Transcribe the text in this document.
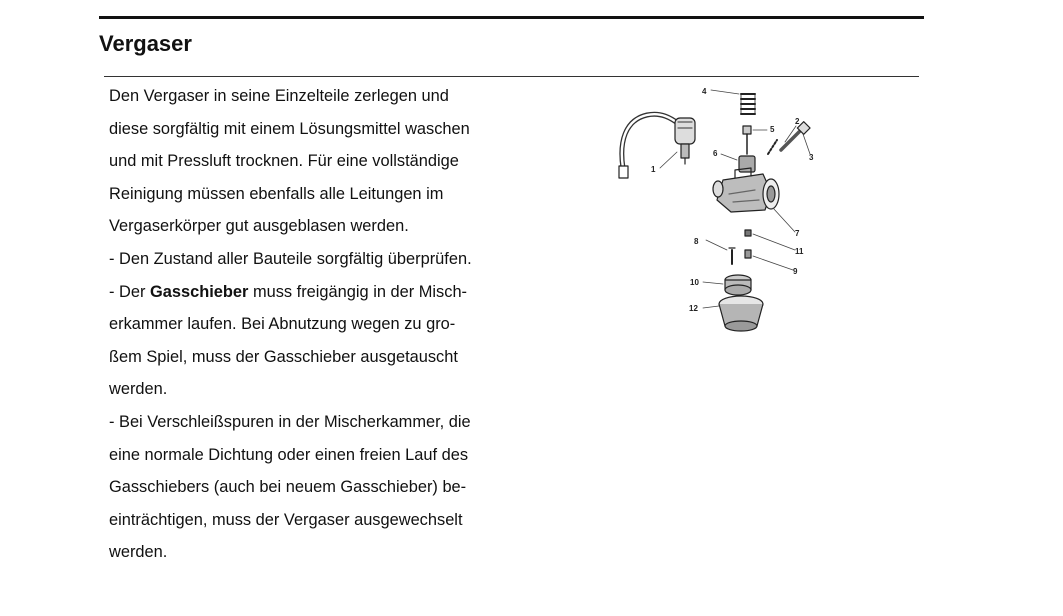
Vergaser
Den Vergaser in seine Einzelteile zerlegen und
diese sorgfältig mit einem Lösungsmittel waschen
und mit Pressluft trocknen. Für eine vollständige
Reinigung müssen ebenfalls alle Leitungen im
Vergaserkörper gut ausgeblasen werden.
- Den Zustand aller Bauteile sorgfältig überprüfen.
- Der Gasschieber muss freigängig in der Misch-
erkammer laufen. Bei Abnutzung wegen zu gro-
ßem Spiel, muss der Gasschieber ausgetauscht
werden.
- Bei Verschleißspuren in der Mischerkammer, die
eine normale Dichtung oder einen freien Lauf des
Gasschiebers (auch bei neuem Gasschieber) be-
einträchtigen, muss der Vergaser ausgewechselt
werden.
1
2
3
4
5
6
7
8
9
10
11
12
